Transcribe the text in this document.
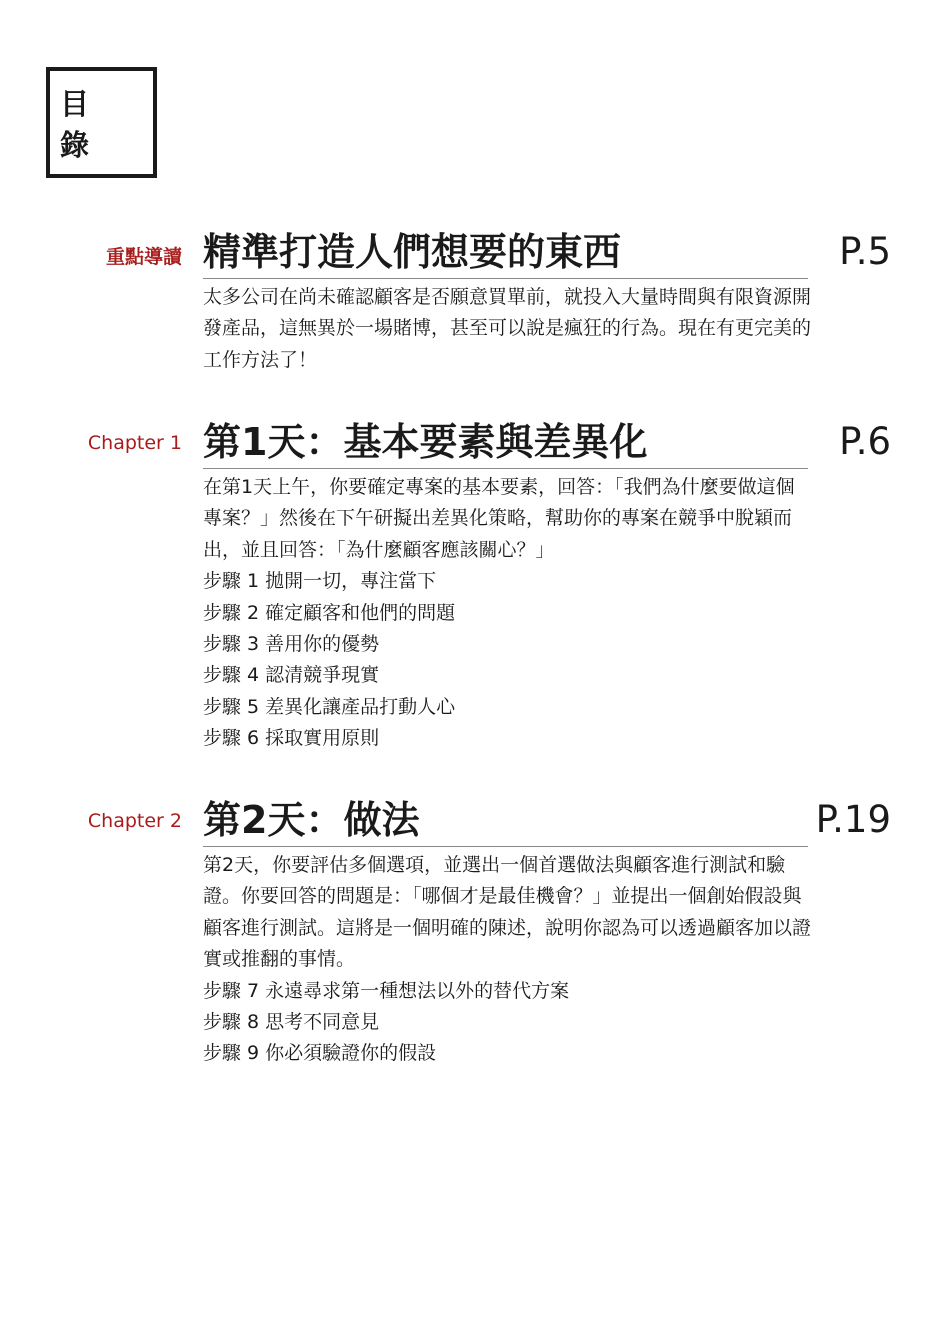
目 錄
重點導讀 精準打造人們想要的東西	P.5
太多公司在尚未確認顧客是否願意買單前，就投入大量時間與有限資源開發產品，這無異於一場賭博，甚至可以說是瘋狂的行為。現在有更完美的工作方法了！
Chapter 1 第1天：基本要素與差異化	P.6
在第1天上午，你要確定專案的基本要素，回答：「我們為什麼要做這個專案？」然後在下午研擬出差異化策略，幫助你的專案在競爭中脫穎而出，並且回答：「為什麼顧客應該關心？」
步驟 1 拋開一切，專注當下
步驟 2 確定顧客和他們的問題
步驟 3 善用你的優勢
步驟 4 認清競爭現實
步驟 5 差異化讓產品打動人心
步驟 6 採取實用原則
Chapter 2 第2天：做法	P.19
第2天，你要評估多個選項，並選出一個首選做法與顧客進行測試和驗證。你要回答的問題是：「哪個才是最佳機會？」並提出一個創始假設與顧客進行測試。這將是一個明確的陳述，說明你認為可以透過顧客加以證實或推翻的事情。
步驟 7 永遠尋求第一種想法以外的替代方案
步驟 8 思考不同意見
步驟 9 你必須驗證你的假設
